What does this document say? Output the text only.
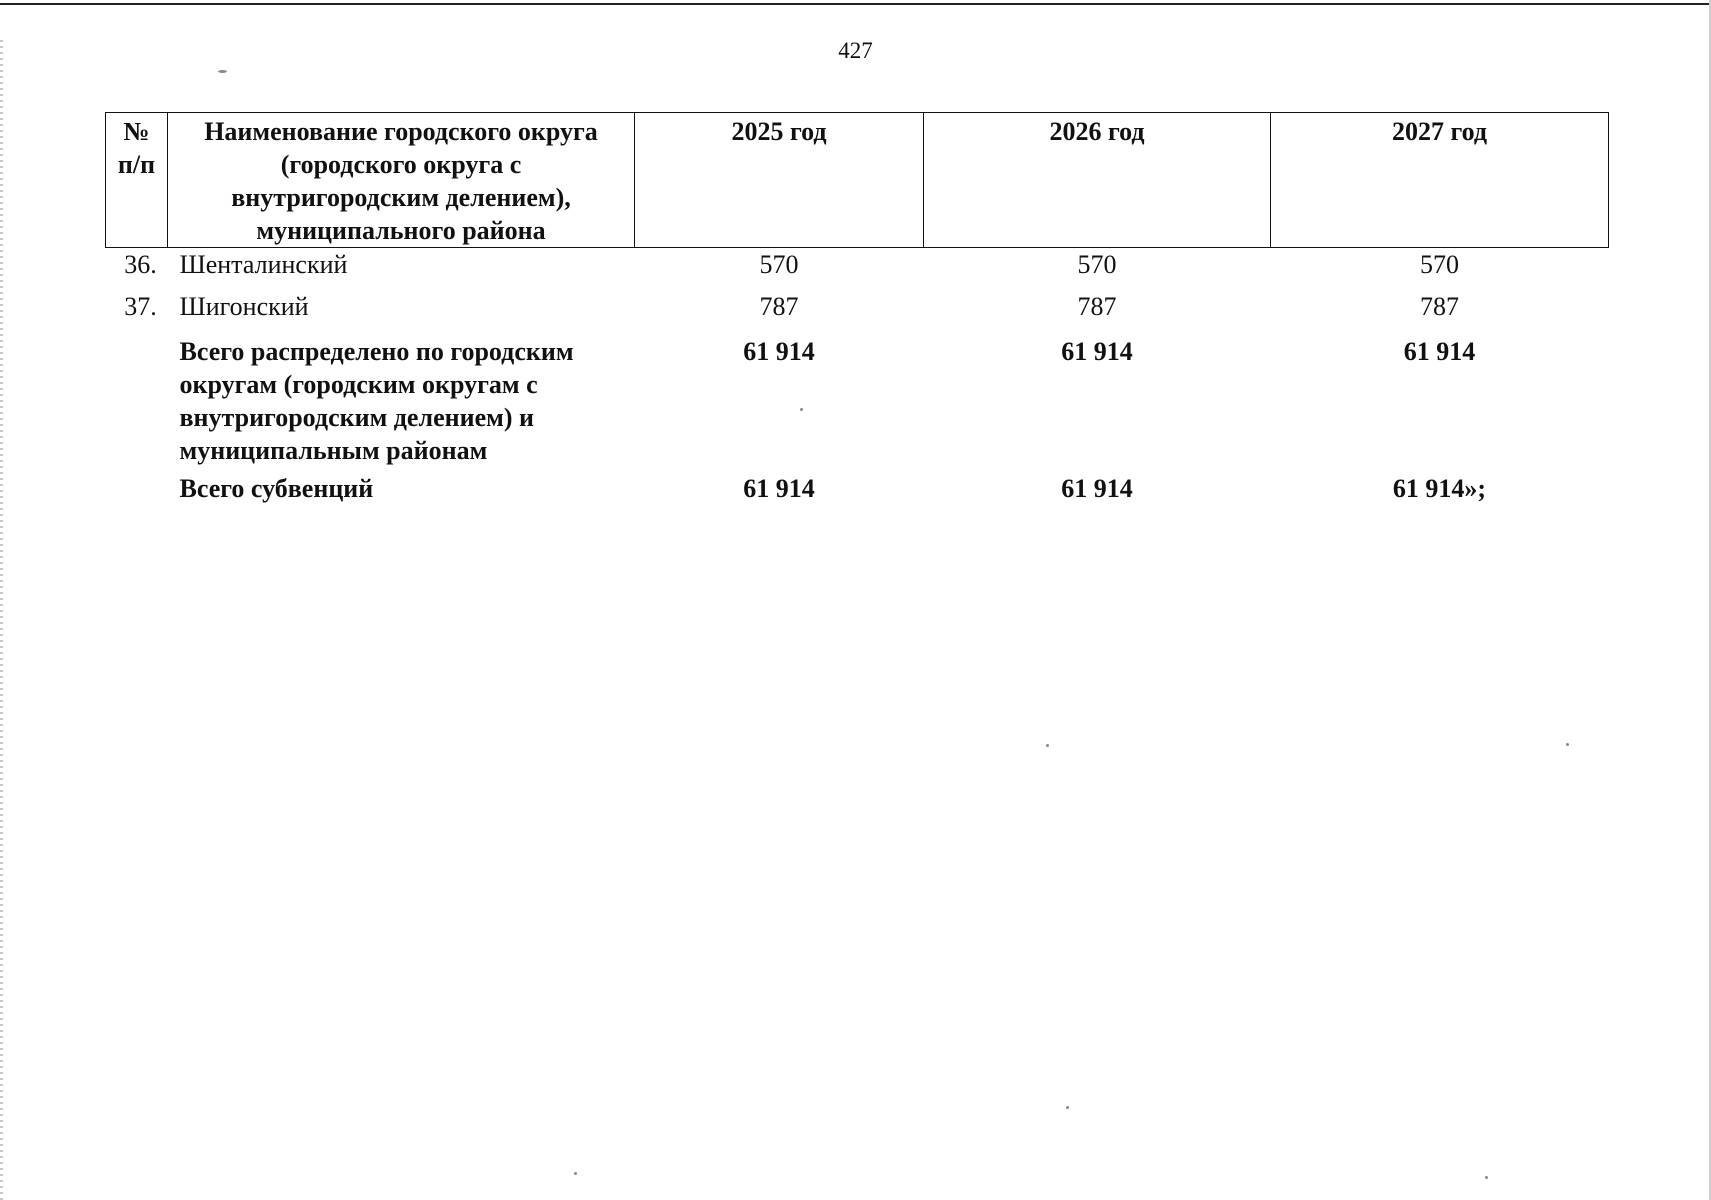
427
№ п/п	Наименование городского округа (городского округа с внутригородским делением), муниципального района	2025 год	2026 год	2027 год
36.	Шенталинский	570	570	570
37.	Шигонский	787	787	787
	Всего распределено по городским округам (городским округам с внутригородским делением) и муниципальным районам	61 914	61 914	61 914
	Всего субвенций	61 914	61 914	61 914»;
